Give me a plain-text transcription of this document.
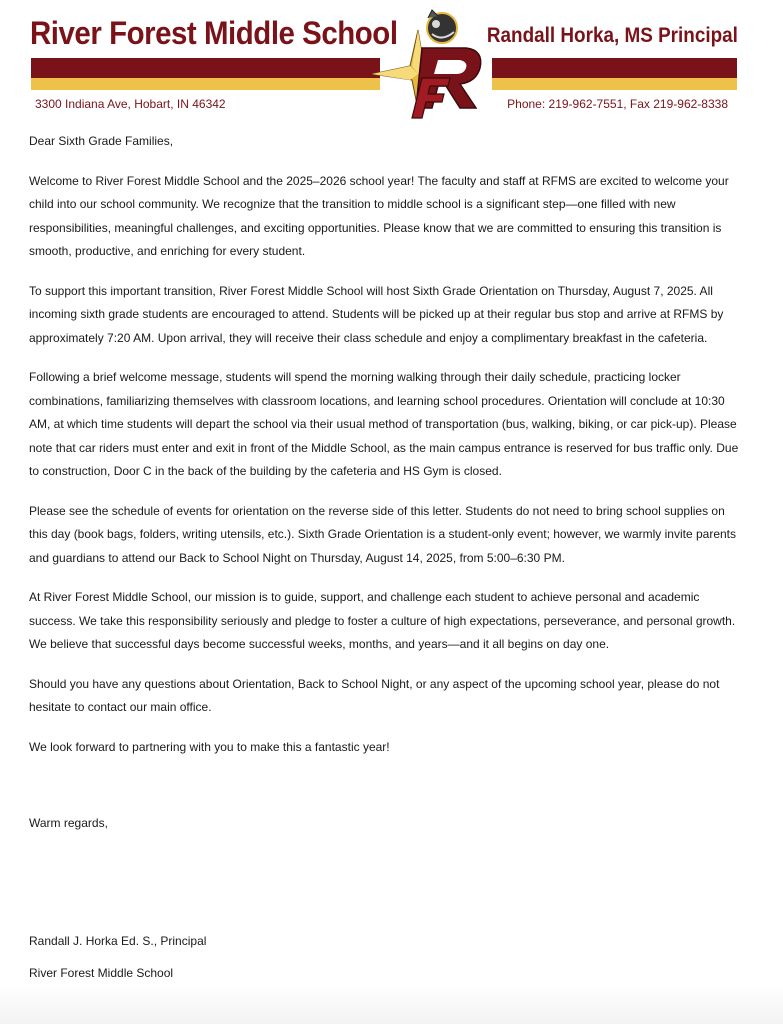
River Forest Middle School	Randall Horka, MS Principal
3300 Indiana Ave, Hobart, IN 46342	Phone: 219-962-7551, Fax 219-962-8338

Dear Sixth Grade Families,

Welcome to River Forest Middle School and the 2025–2026 school year! The faculty and staff at RFMS are excited to welcome your child into our school community. We recognize that the transition to middle school is a significant step—one filled with new responsibilities, meaningful challenges, and exciting opportunities. Please know that we are committed to ensuring this transition is smooth, productive, and enriching for every student.

To support this important transition, River Forest Middle School will host Sixth Grade Orientation on Thursday, August 7, 2025. All incoming sixth grade students are encouraged to attend. Students will be picked up at their regular bus stop and arrive at RFMS by approximately 7:20 AM. Upon arrival, they will receive their class schedule and enjoy a complimentary breakfast in the cafeteria.

Following a brief welcome message, students will spend the morning walking through their daily schedule, practicing locker combinations, familiarizing themselves with classroom locations, and learning school procedures. Orientation will conclude at 10:30 AM, at which time students will depart the school via their usual method of transportation (bus, walking, biking, or car pick-up). Please note that car riders must enter and exit in front of the Middle School, as the main campus entrance is reserved for bus traffic only. Due to construction, Door C in the back of the building by the cafeteria and HS Gym is closed.

Please see the schedule of events for orientation on the reverse side of this letter. Students do not need to bring school supplies on this day (book bags, folders, writing utensils, etc.). Sixth Grade Orientation is a student-only event; however, we warmly invite parents and guardians to attend our Back to School Night on Thursday, August 14, 2025, from 5:00–6:30 PM.

At River Forest Middle School, our mission is to guide, support, and challenge each student to achieve personal and academic success. We take this responsibility seriously and pledge to foster a culture of high expectations, perseverance, and personal growth. We believe that successful days become successful weeks, months, and years—and it all begins on day one.

Should you have any questions about Orientation, Back to School Night, or any aspect of the upcoming school year, please do not hesitate to contact our main office.

We look forward to partnering with you to make this a fantastic year!

Warm regards,
Randall J. Horka Ed. S., Principal
River Forest Middle School
